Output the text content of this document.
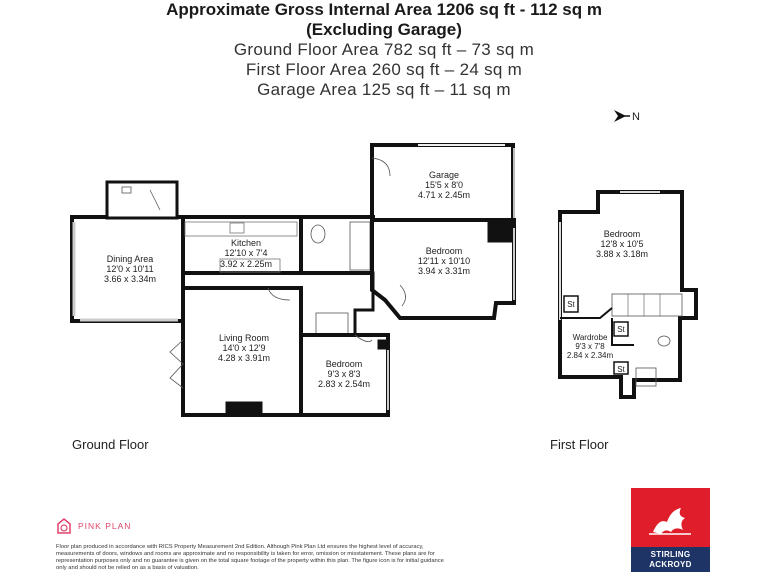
Approximate Gross Internal Area 1206 sq ft - 112 sq m
(Excluding Garage)
Ground Floor Area 782 sq ft – 73 sq m
First Floor Area 260 sq ft – 24 sq m
Garage Area 125 sq ft – 11 sq m
N
Garage
15'5 x 8'0
4.71 x 2.45m
Dining Area
12'0 x 10'11
3.66 x 3.34m
Kitchen
12'10 x 7'4
3.92 x 2.25m
Bedroom
12'11 x 10'10
3.94 x 3.31m
Living Room
14'0 x 12'9
4.28 x 3.91m
Bedroom
9'3 x 8'3
2.83 x 2.54m
Bedroom
12'8 x 10'5
3.88 x 3.18m
Wardrobe
9'3 x 7'8
2.84 x 2.34m
St
St
St
Ground Floor	First Floor
PINK PLAN
Floor plan produced in accordance with RICS Property Measurement 2nd Edition. Although Pink Plan Ltd ensures the highest level of accuracy, measurements of doors, windows and rooms are approximate and no responsibility is taken for error, omission or misstatement. These plans are for representation purposes only and no guarantee is given on the total square footage of the property within this plan. The figure icon is for initial guidance only and should not be relied on as a basis of valuation.
STIRLING
ACKROYD
